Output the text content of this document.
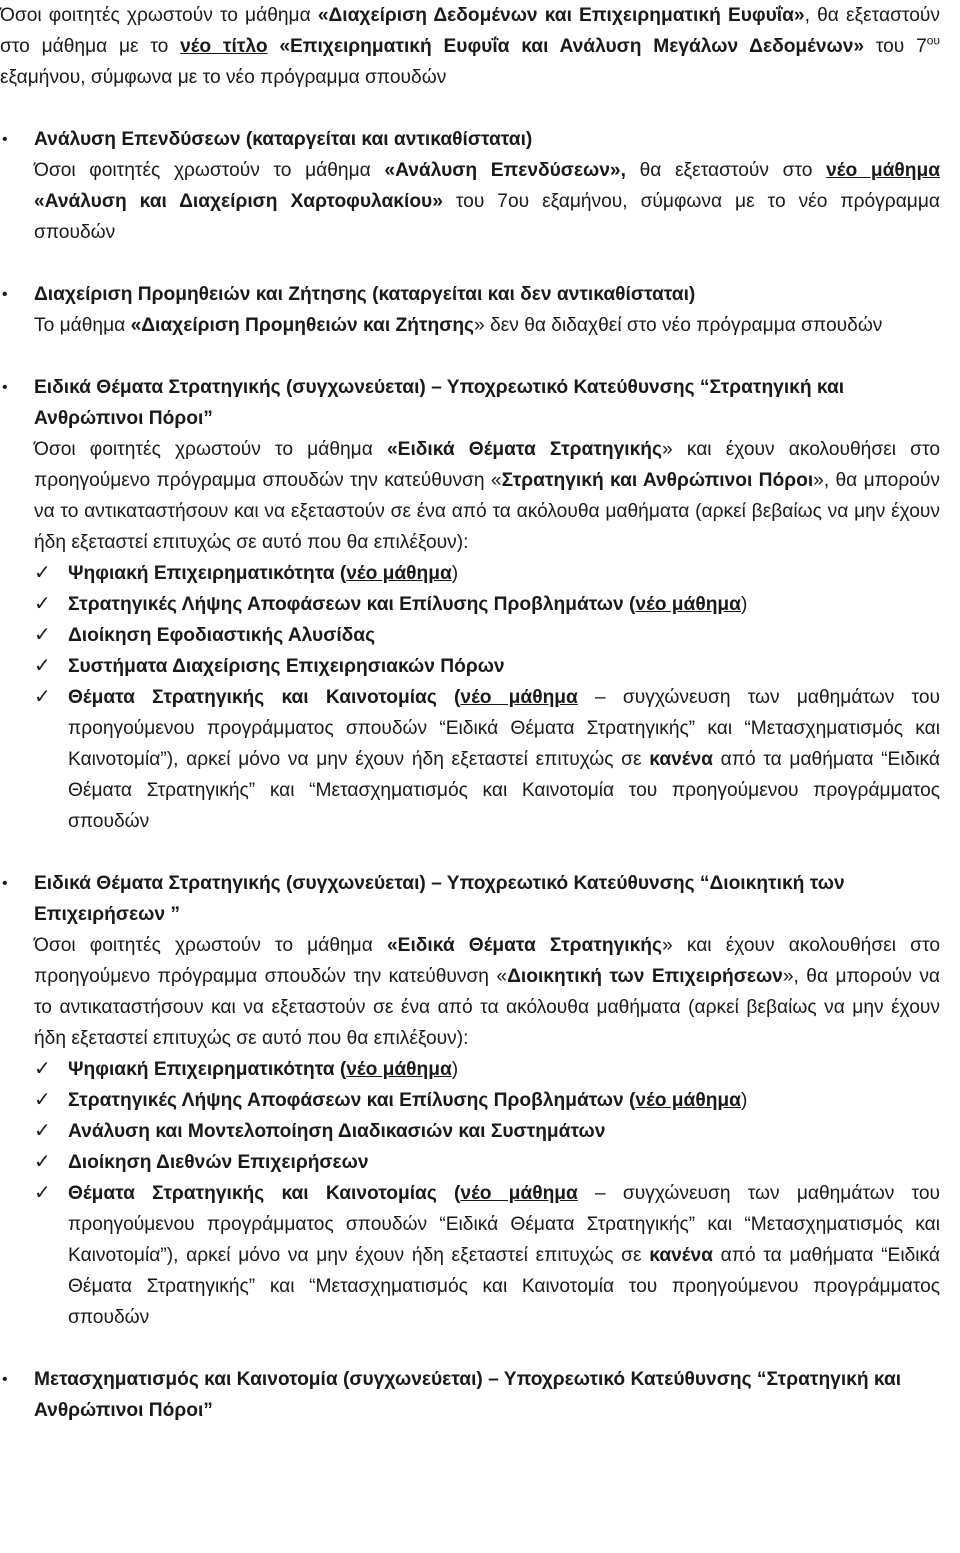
Όσοι φοιτητές χρωστούν το μάθημα «Διαχείριση Δεδομένων και Επιχειρηματική Ευφυΐα», θα εξεταστούν στο μάθημα με το νέο τίτλο «Επιχειρηματική Ευφυΐα και Ανάλυση Μεγάλων Δεδομένων» του $7^{o\upsilon}$ εξαμήνου, σύμφωνα με το νέο πρόγραμμα σπουδών

• Ανάλυση Επενδύσεων (καταργείται και αντικαθίσταται)

Όσοι φοιτητές χρωστούν το μάθημα «Ανάλυση Επενδύσεων», θα εξεταστούν στο νέο μάθημα «Ανάλυση και Διαχείριση Χαρτοφυλακίου» του 7ου εξαμήνου, σύμφωνα με το νέο πρόγραμμα σπουδών

• Διαχείριση Προμηθειών και Ζήτησης (καταργείται και δεν αντικαθίσταται)

Το μάθημα «Διαχείριση Προμηθειών και Ζήτησης» δεν θα διδαχθεί στο νέο πρόγραμμα σπουδών

• Ειδικά Θέματα Στρατηγικής (συγχωνεύεται) – Υποχρεωτικό Κατεύθυνσης “Στρατηγική και Ανθρώπινοι Πόροι”

Όσοι φοιτητές χρωστούν το μάθημα «Ειδικά Θέματα Στρατηγικής» και έχουν ακολουθήσει στο προηγούμενο πρόγραμμα σπουδών την κατεύθυνση «Στρατηγική και Ανθρώπινοι Πόροι», θα μπορούν να το αντικαταστήσουν και να εξεταστούν σε ένα από τα ακόλουθα μαθήματα (αρκεί βεβαίως να μην έχουν ήδη εξεταστεί επιτυχώς σε αυτό που θα επιλέξουν):

✓ Ψηφιακή Επιχειρηματικότητα (νέο μάθημα)
✓ Στρατηγικές Λήψης Αποφάσεων και Επίλυσης Προβλημάτων (νέο μάθημα)
✓ Διοίκηση Εφοδιαστικής Αλυσίδας
✓ Συστήματα Διαχείρισης Επιχειρησιακών Πόρων
✓ Θέματα Στρατηγικής και Καινοτομίας (νέο μάθημα – συγχώνευση των μαθημάτων του προηγούμενου προγράμματος σπουδών “Ειδικά Θέματα Στρατηγικής” και “Μετασχηματισμός και Καινοτομία”), αρκεί μόνο να μην έχουν ήδη εξεταστεί επιτυχώς σε κανένα από τα μαθήματα “Ειδικά Θέματα Στρατηγικής” και “Μετασχηματισμός και Καινοτομία του προηγούμενου προγράμματος σπουδών
• Ειδικά Θέματα Στρατηγικής (συγχωνεύεται) – Υποχρεωτικό Κατεύθυνσης “Διοικητική των Επιχειρήσεων ”

Όσοι φοιτητές χρωστούν το μάθημα «Ειδικά Θέματα Στρατηγικής» και έχουν ακολουθήσει στο προηγούμενο πρόγραμμα σπουδών την κατεύθυνση «Διοικητική των Επιχειρήσεων», θα μπορούν να το αντικαταστήσουν και να εξεταστούν σε ένα από τα ακόλουθα μαθήματα (αρκεί βεβαίως να μην έχουν ήδη εξεταστεί επιτυχώς σε αυτό που θα επιλέξουν):

✓ Ψηφιακή Επιχειρηματικότητα (νέο μάθημα)
✓ Στρατηγικές Λήψης Αποφάσεων και Επίλυσης Προβλημάτων (νέο μάθημα)
✓ Ανάλυση και Μοντελοποίηση Διαδικασιών και Συστημάτων
✓ Διοίκηση Διεθνών Επιχειρήσεων
✓ Θέματα Στρατηγικής και Καινοτομίας (νέο μάθημα – συγχώνευση των μαθημάτων του προηγούμενου προγράμματος σπουδών “Ειδικά Θέματα Στρατηγικής” και “Μετασχηματισμός και Καινοτομία”), αρκεί μόνο να μην έχουν ήδη εξεταστεί επιτυχώς σε κανένα από τα μαθήματα “Ειδικά Θέματα Στρατηγικής” και “Μετασχηματισμός και Καινοτομία του προηγούμενου προγράμματος σπουδών
• Μετασχηματισμός και Καινοτομία (συγχωνεύεται) – Υποχρεωτικό Κατεύθυνσης “Στρατηγική και Ανθρώπινοι Πόροι”
